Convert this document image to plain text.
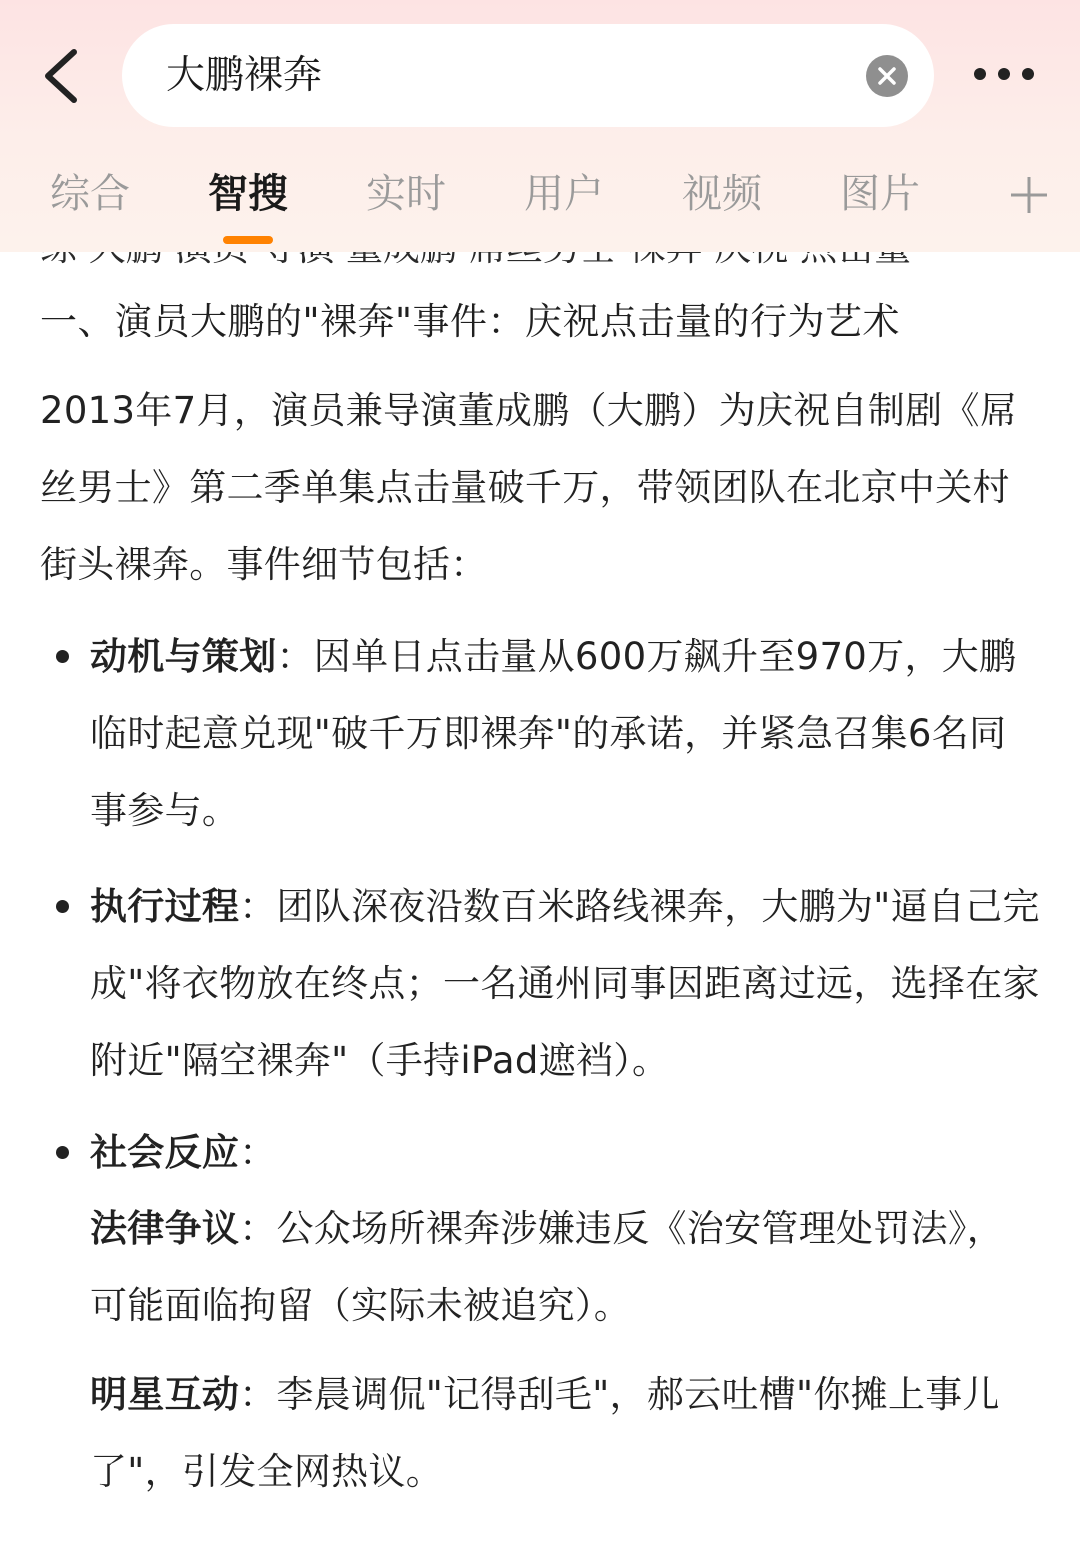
一、演员大鹏的"裸奔"事件：庆祝点击量的行为艺术
2013年7月，演员兼导演董成鹏（大鹏）为庆祝自制剧《屌丝男士》第二季单集点击量破千万，带领团队在北京中关村街头裸奔。事件细节包括：
动机与策划：因单日点击量从600万飙升至970万，大鹏临时起意兑现"破千万即裸奔"的承诺，并紧急召集6名同事参与。
执行过程：团队深夜沿数百米路线裸奔，大鹏为"逼自己完成"将衣物放在终点；一名通州同事因距离过远，选择在家附近"隔空裸奔"（手持iPad遮裆）。
社会反应：
法律争议：公众场所裸奔涉嫌违反《治安管理处罚法》，可能面临拘留（实际未被追究）。
明星互动：李晨调侃"记得刮毛"，郝云吐槽"你摊上事儿了"，引发全网热议。
大鹏裸奔
综合 智搜 实时 用户 视频 图片
